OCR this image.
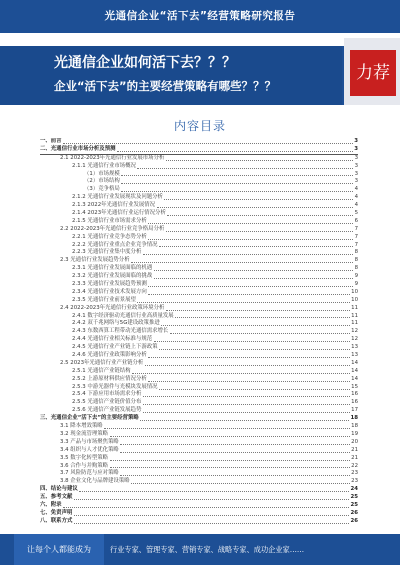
光通信企业“活下去”经营策略研究报告
光通信企业如何活下去？？？
企业“活下去”的主要经营策略有哪些？？？
力荐
内容目录
一、前言	3
二、光通信行业市场分析及预测	3
2.1 2022-2023年光通信行业发展市场分析	3
2.1.1 光通信行业市场概况	3
（1）市场规模	3
（2）市场结构	3
（3）竞争格局	4
2.1.2 光通信行业发展现状及问题分析	4
2.1.3 2022年光通信行业发展情况	4
2.1.4 2023年光通信行业运行情况分析	5
2.1.5 光通信行业市场需求分析	6
2.2 2022-2023年光通信行业竞争格局分析	7
2.2.1 光通信行业竞争态势分析	7
2.2.2 光通信行业重点企业竞争情况	7
2.2.3 光通信行业集中度分析	8
2.3 光通信行业发展趋势分析	8
2.3.1 光通信行业发展面临的机遇	8
2.3.2 光通信行业发展面临的挑战	9
2.3.3 光通信行业发展趋势预测	9
2.3.4 光通信行业技术发展方向	10
2.3.5 光通信行业前景展望	10
2.4 2022-2023年光通信行业政策环境分析	11
2.4.1 数字经济驱动光通信行业高质量发展	11
2.4.2 双千兆网络与5G建设政策推进	11
2.4.3 东数西算工程带动光通信需求增长	12
2.4.4 光通信行业相关标准与规范	12
2.4.5 光通信行业产业链上下游政策	13
2.4.6 光通信行业政策影响分析	13
2.5 2023年光通信行业产业链分析	14
2.5.1 光通信产业链结构	14
2.5.2 上游原材料供应情况分析	14
2.5.3 中游光器件与光模块发展情况	15
2.5.4 下游应用市场需求分析	16
2.5.5 光通信产业链价值分布	16
2.5.6 光通信产业链发展趋势	17
三、光通信企业“活下去”的主要经营策略	18
3.1 降本增效策略	18
3.2 现金流管理策略	19
3.3 产品与市场聚焦策略	20
3.4 组织与人才优化策略	21
3.5 数字化转型策略	21
3.6 合作与并购策略	22
3.7 风险防范与应对策略	23
3.8 企业文化与品牌建设策略	23
四、结论与建议	24
五、参考文献	25
六、附录	25
七、免责声明	26
八、联系方式	26
让每个人都能成为	行业专家、管理专家、营销专家、战略专家、成功企业家……
